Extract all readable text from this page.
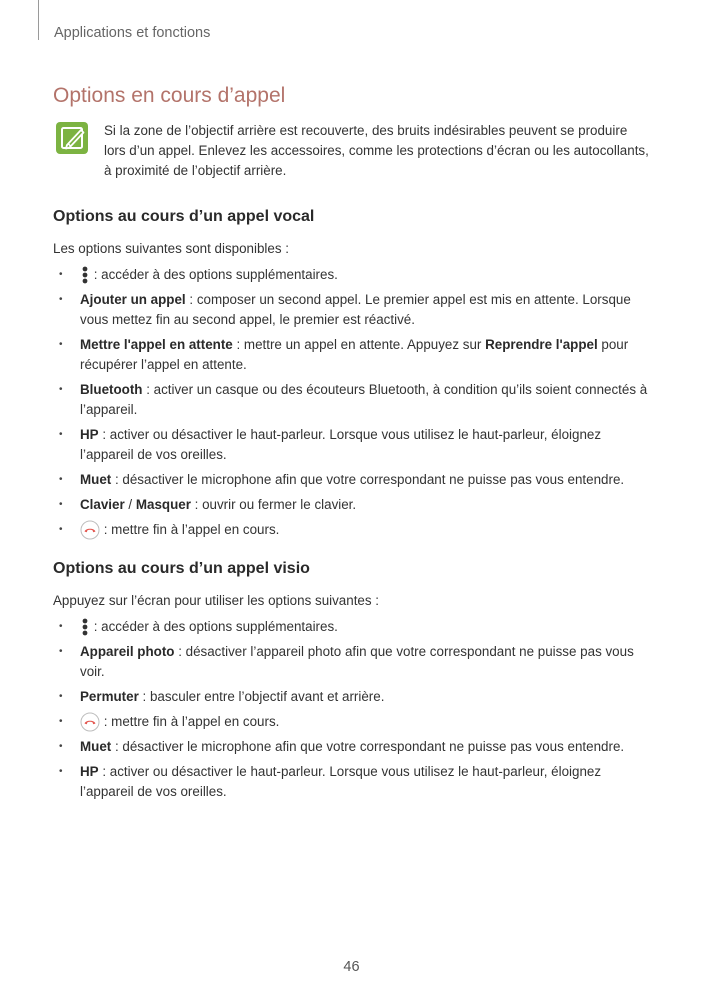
Applications et fonctions
Options en cours d’appel
Si la zone de l’objectif arrière est recouverte, des bruits indésirables peuvent se produire lors d’un appel. Enlevez les accessoires, comme les protections d’écran ou les autocollants, à proximité de l’objectif arrière.
Options au cours d’un appel vocal

Les options suivantes sont disponibles :

• : accéder à des options supplémentaires.
• Ajouter un appel : composer un second appel. Le premier appel est mis en attente. Lorsque vous mettez fin au second appel, le premier est réactivé.
• Mettre l'appel en attente : mettre un appel en attente. Appuyez sur Reprendre l'appel pour récupérer l’appel en attente.
• Bluetooth : activer un casque ou des écouteurs Bluetooth, à condition qu’ils soient connectés à l’appareil.
• HP : activer ou désactiver le haut-parleur. Lorsque vous utilisez le haut-parleur, éloignez l’appareil de vos oreilles.
• Muet : désactiver le microphone afin que votre correspondant ne puisse pas vous entendre.
• Clavier / Masquer : ouvrir ou fermer le clavier.
• : mettre fin à l’appel en cours.
Options au cours d’un appel visio

Appuyez sur l’écran pour utiliser les options suivantes :

• : accéder à des options supplémentaires.
• Appareil photo : désactiver l’appareil photo afin que votre correspondant ne puisse pas vous voir.
• Permuter : basculer entre l’objectif avant et arrière.
• : mettre fin à l’appel en cours.
• Muet : désactiver le microphone afin que votre correspondant ne puisse pas vous entendre.
• HP : activer ou désactiver le haut-parleur. Lorsque vous utilisez le haut-parleur, éloignez l’appareil de vos oreilles.
46
